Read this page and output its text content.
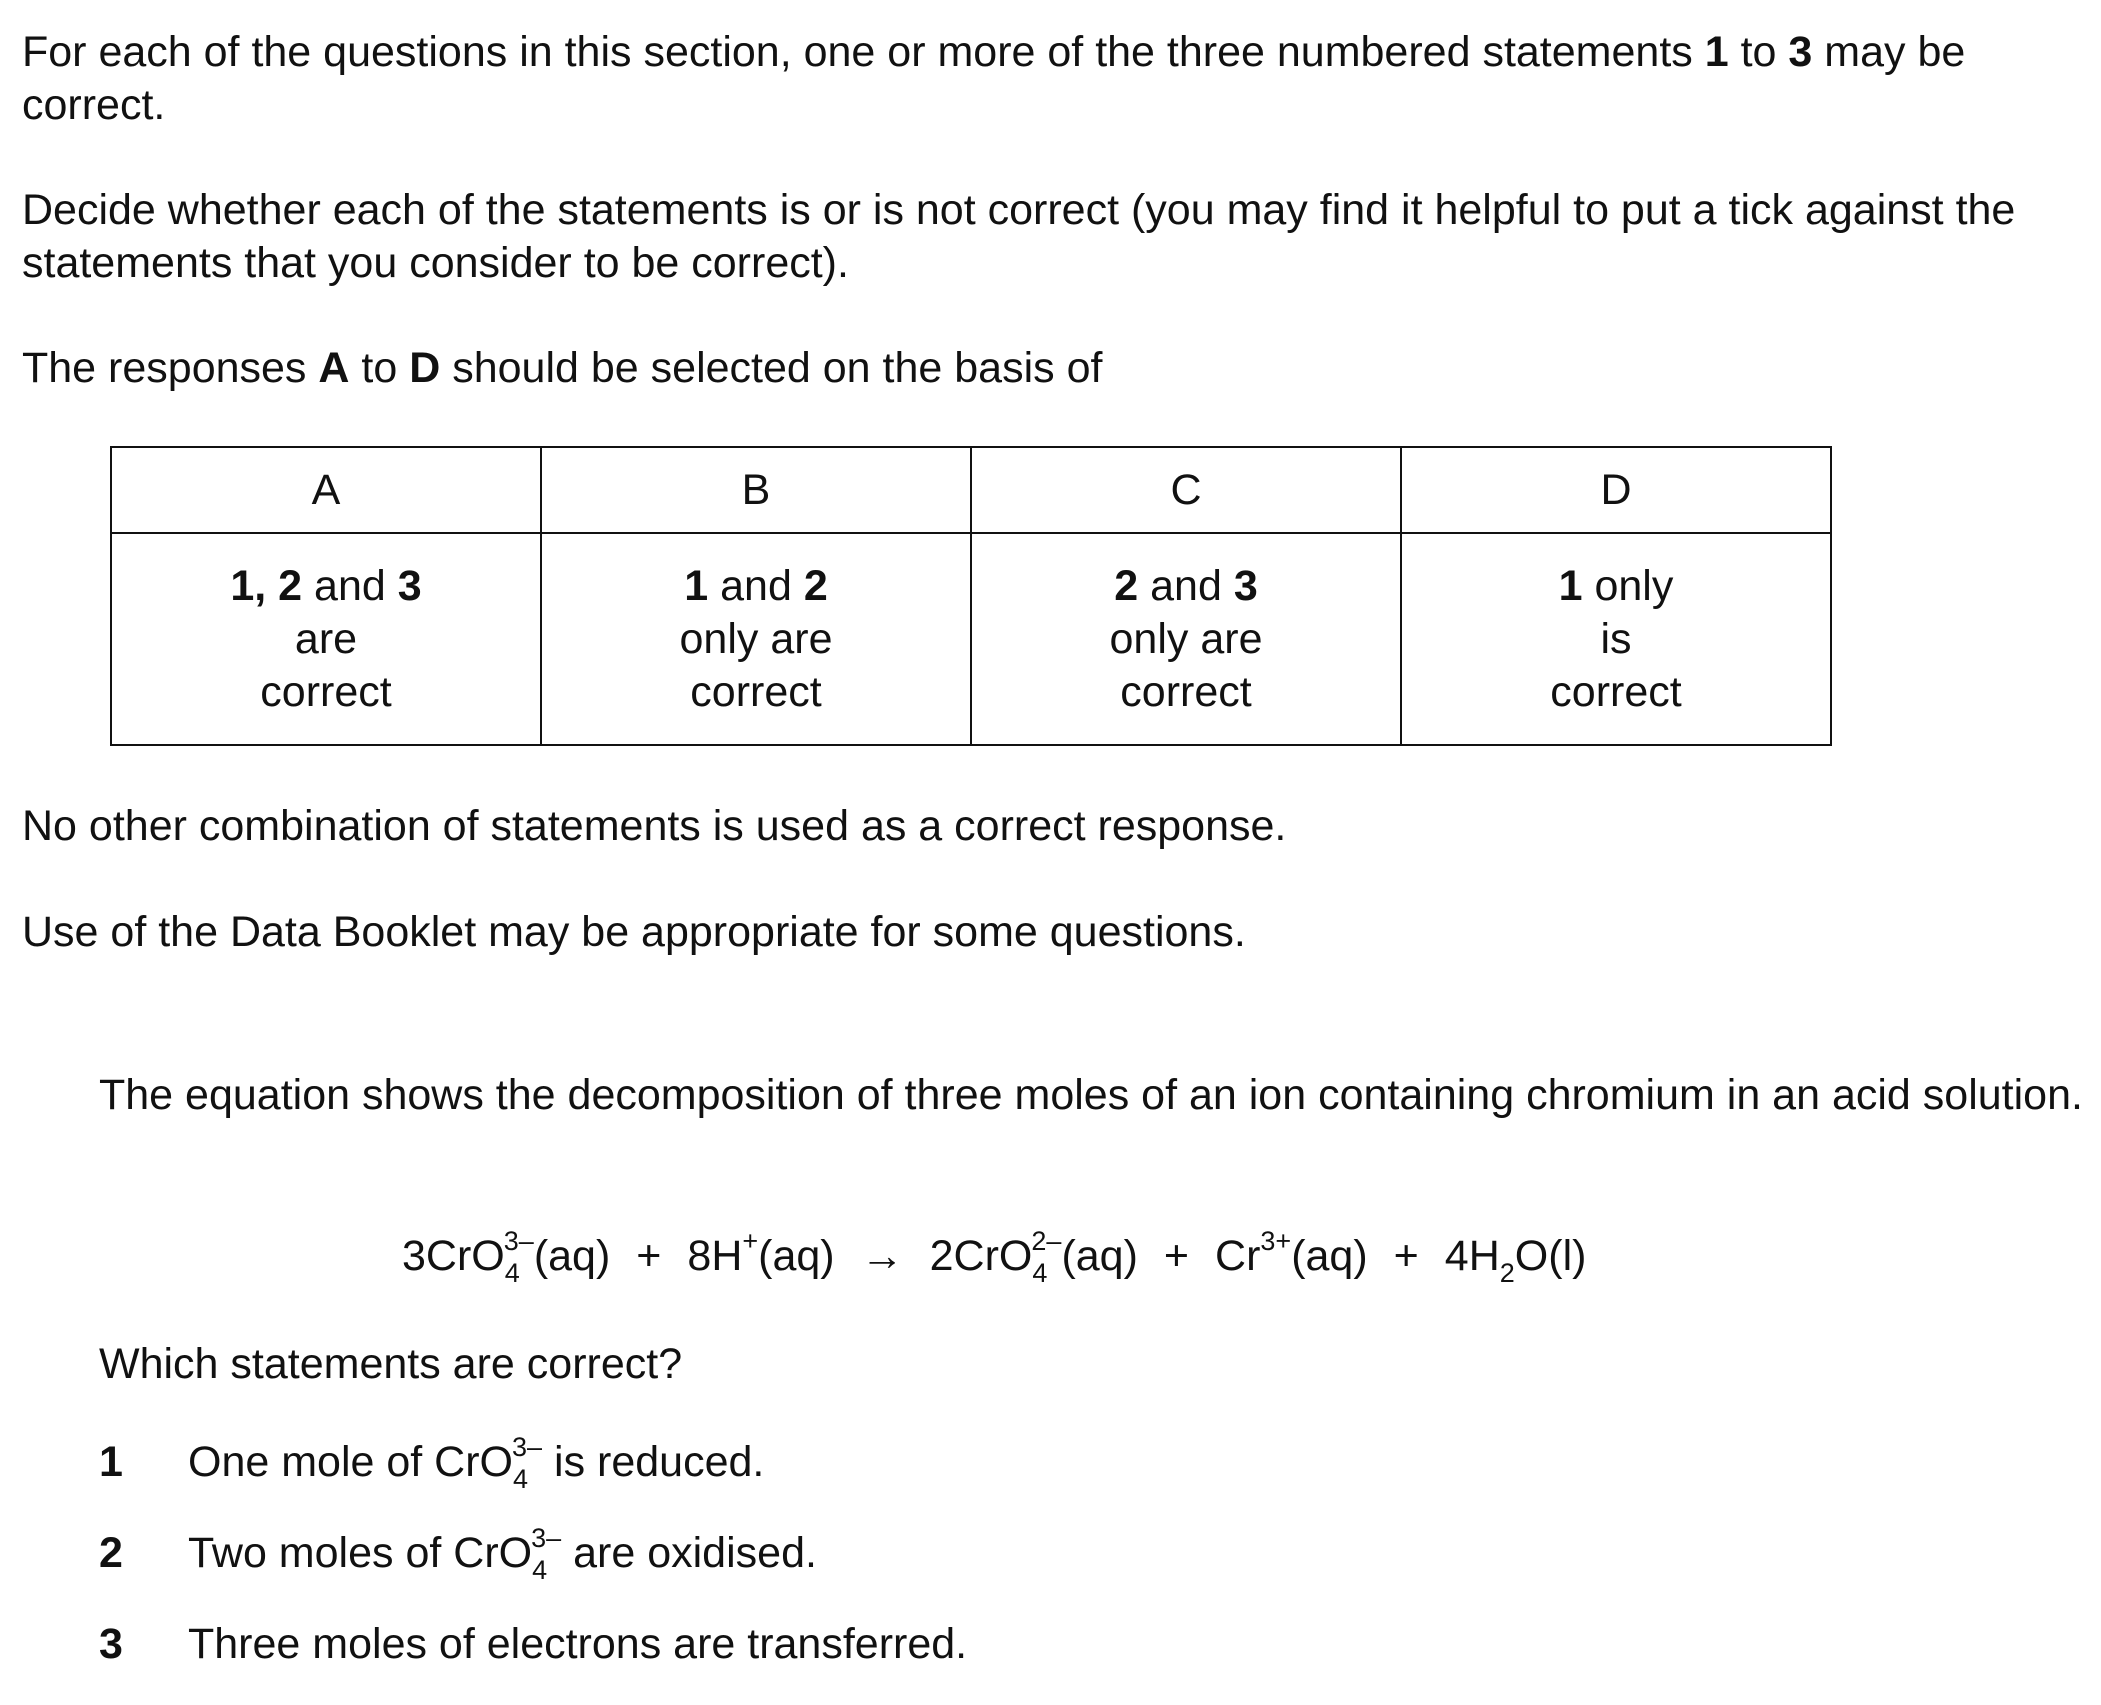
For each of the questions in this section, one or more of the three numbered statements 1 to 3 may be correct.

Decide whether each of the statements is or is not correct (you may find it helpful to put a tick against the statements that you consider to be correct).

The responses A to D should be selected on the basis of

A	B	C	D

1, 2 and 3
are
correct	1 and 2
only are
correct	2 and 3
only are
correct	1 only
is
correct

No other combination of statements is used as a correct response.

Use of the Data Booklet may be appropriate for some questions.

The equation shows the decomposition of three moles of an ion containing chromium in an acid solution.

$3CrO_4^{3-}(aq) + 8H^+(aq) \to 2CrO_4^{2-}(aq) + Cr^{3+}(aq) + 4H_2O(l)$

Which statements are correct?

1 One mole of CrO$_4^{3-}$ is reduced.
2 Two moles of CrO$_4^{3-}$ are oxidised.
3 Three moles of electrons are transferred.
